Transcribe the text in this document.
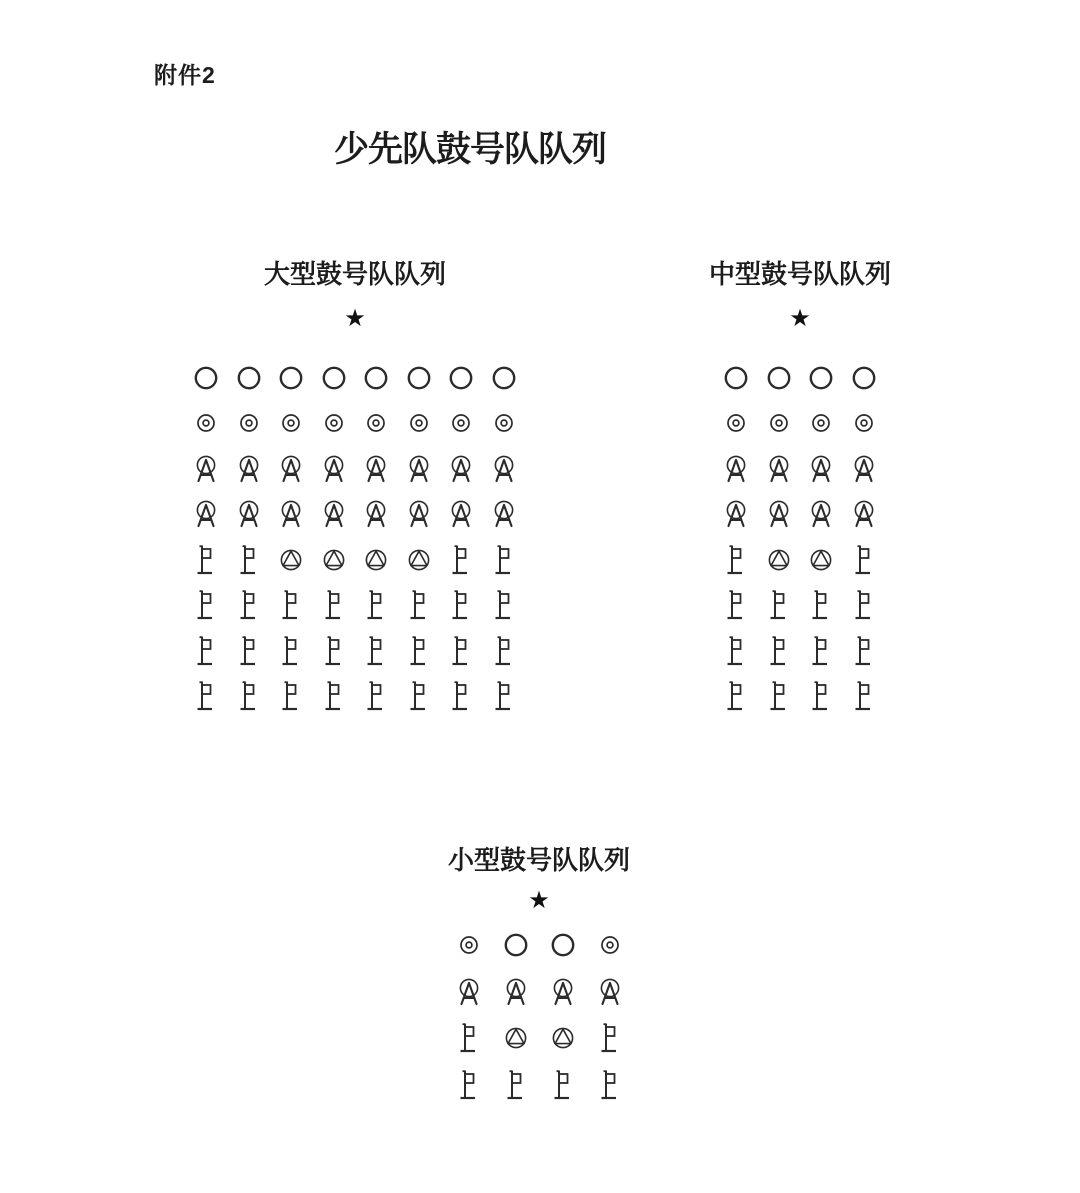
附件2
少先队鼓号队队列
大型鼓号队队列
★
中型鼓号队队列
★
小型鼓号队队列
★
